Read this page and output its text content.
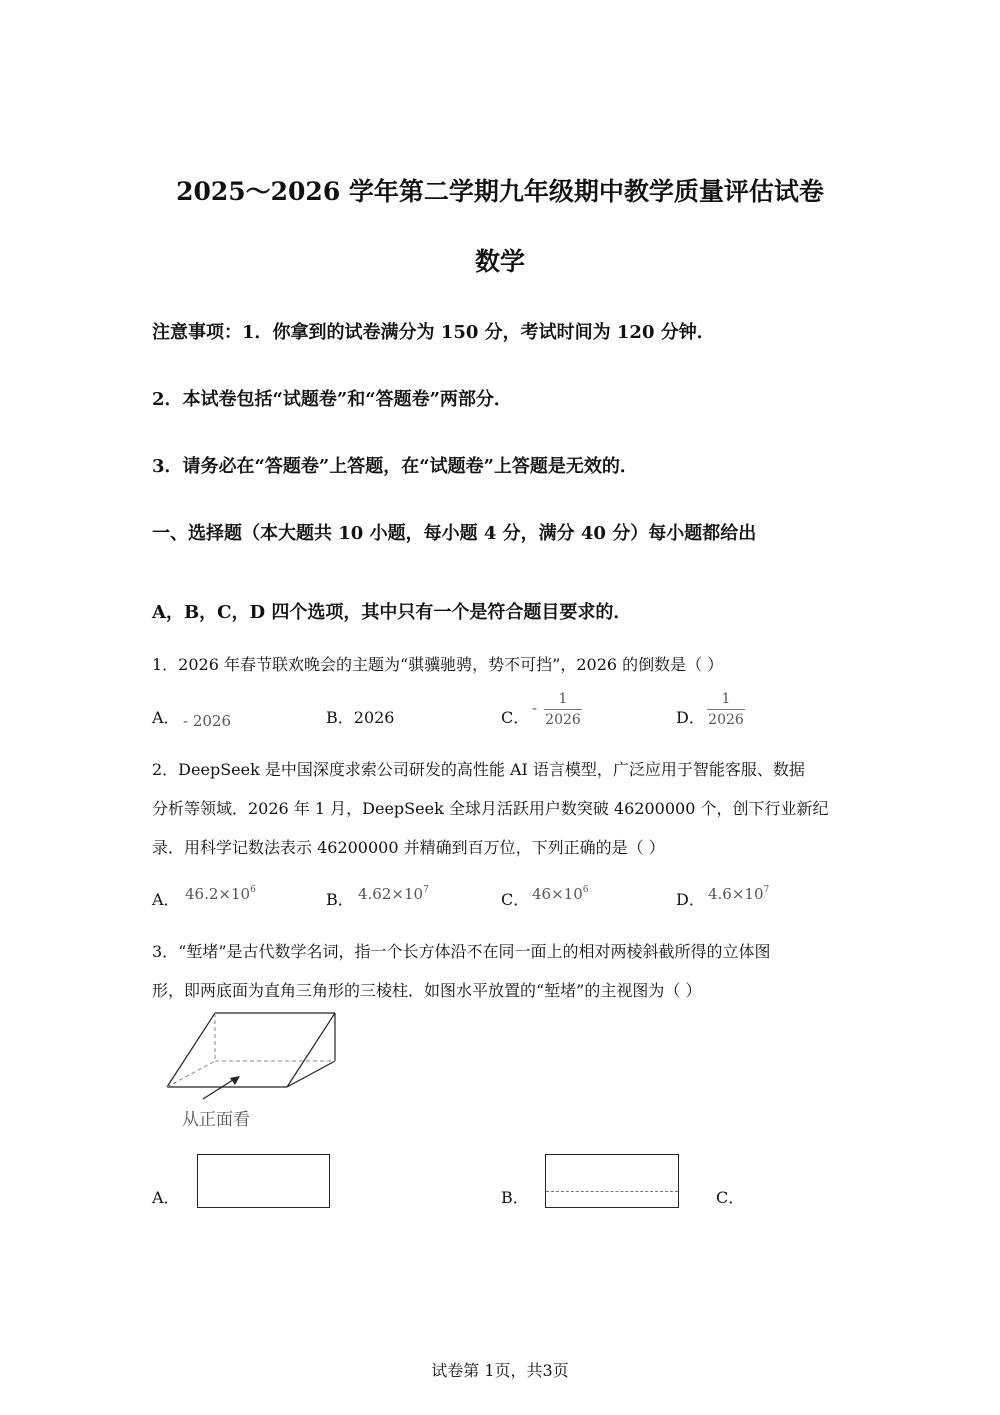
2025～2026 学年第二学期九年级期中教学质量评估试卷
数学
注意事项：1．你拿到的试卷满分为 150 分，考试时间为 120 分钟．
2．本试卷包括“试题卷”和“答题卷”两部分．
3．请务必在“答题卷”上答题，在“试题卷”上答题是无效的．
一、选择题（本大题共 10 小题，每小题 4 分，满分 40 分）每小题都给出
A，B，C，D 四个选项，其中只有一个是符合题目要求的．
1．2026 年春节联欢晚会的主题为“骐骥驰骋，势不可挡”，2026 的倒数是（ ）
A． - 2026	B．2026	C． -	1
2026	D．
1
2026
2．DeepSeek 是中国深度求索公司研发的高性能 AI 语言模型，广泛应用于智能客服、数据
分析等领域．2026 年 1 月，DeepSeek 全球月活跃用户数突破 46200000 个，创下行业新纪
录．用科学记数法表示 46200000 并精确到百万位，下列正确的是（ ）
A． $46.2\times 10^6$	B． $4.62\times 10^7$	C． $46\times 10^6$	D． $4.6\times 10^7$
3．“堑堵”是古代数学名词，指一个长方体沿不在同一面上的相对两棱斜截所得的立体图
形，即两底面为直角三角形的三棱柱．如图水平放置的“堑堵”的主视图为（ ）
从正面看
A．	B．	C．
试卷第 1页，共3页
